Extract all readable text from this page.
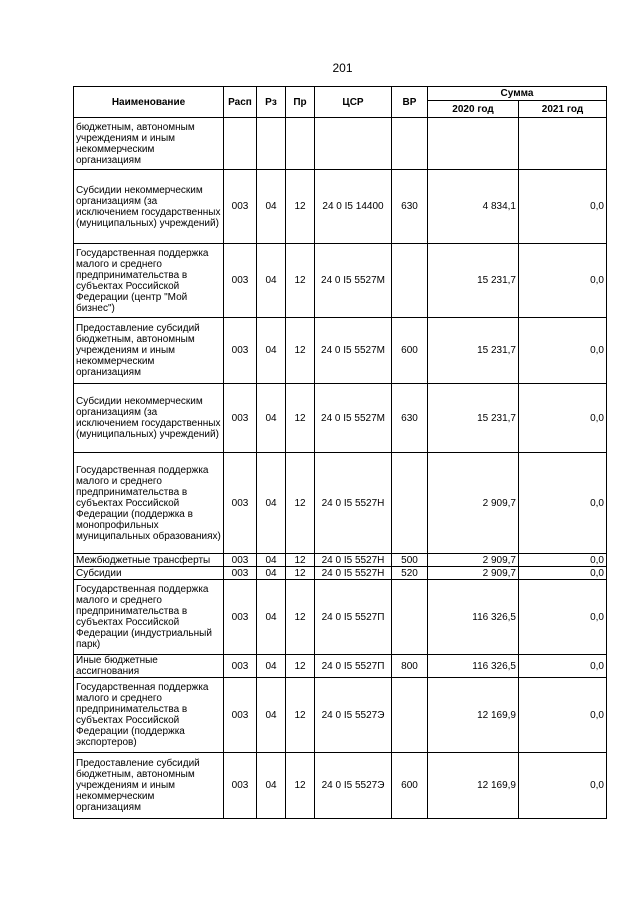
201
Наименование	Расп	Рз	Пр	ЦСР	ВР	Сумма	
						2020 год	2021 год
бюджетным, автономным учреждениям и иным некоммерческим организациям							
Субсидии некоммерческим организациям (за исключением государственных (муниципальных) учреждений)	003	04	12	24 0 I5 14400	630	4 834,1	0,0
Государственная поддержка малого и среднего предпринимательства в субъектах Российской Федерации (центр "Мой бизнес")	003	04	12	24 0 I5 5527М		15 231,7	0,0
Предоставление субсидий бюджетным, автономным учреждениям и иным некоммерческим организациям	003	04	12	24 0 I5 5527М	600	15 231,7	0,0
Субсидии некоммерческим организациям (за исключением государственных (муниципальных) учреждений)	003	04	12	24 0 I5 5527М	630	15 231,7	0,0
Государственная поддержка малого и среднего предпринимательства в субъектах Российской Федерации (поддержка в монопрофильных муниципальных образованиях)	003	04	12	24 0 I5 5527Н		2 909,7	0,0
Межбюджетные трансферты	003	04	12	24 0 I5 5527Н	500	2 909,7	0,0
Субсидии	003	04	12	24 0 I5 5527Н	520	2 909,7	0,0
Государственная поддержка малого и среднего предпринимательства в субъектах Российской Федерации (индустриальный парк)	003	04	12	24 0 I5 5527П		116 326,5	0,0
Иные бюджетные ассигнования	003	04	12	24 0 I5 5527П	800	116 326,5	0,0
Государственная поддержка малого и среднего предпринимательства в субъектах Российской Федерации (поддержка экспортеров)	003	04	12	24 0 I5 5527Э		12 169,9	0,0
Предоставление субсидий бюджетным, автономным учреждениям и иным некоммерческим организациям	003	04	12	24 0 I5 5527Э	600	12 169,9	0,0
